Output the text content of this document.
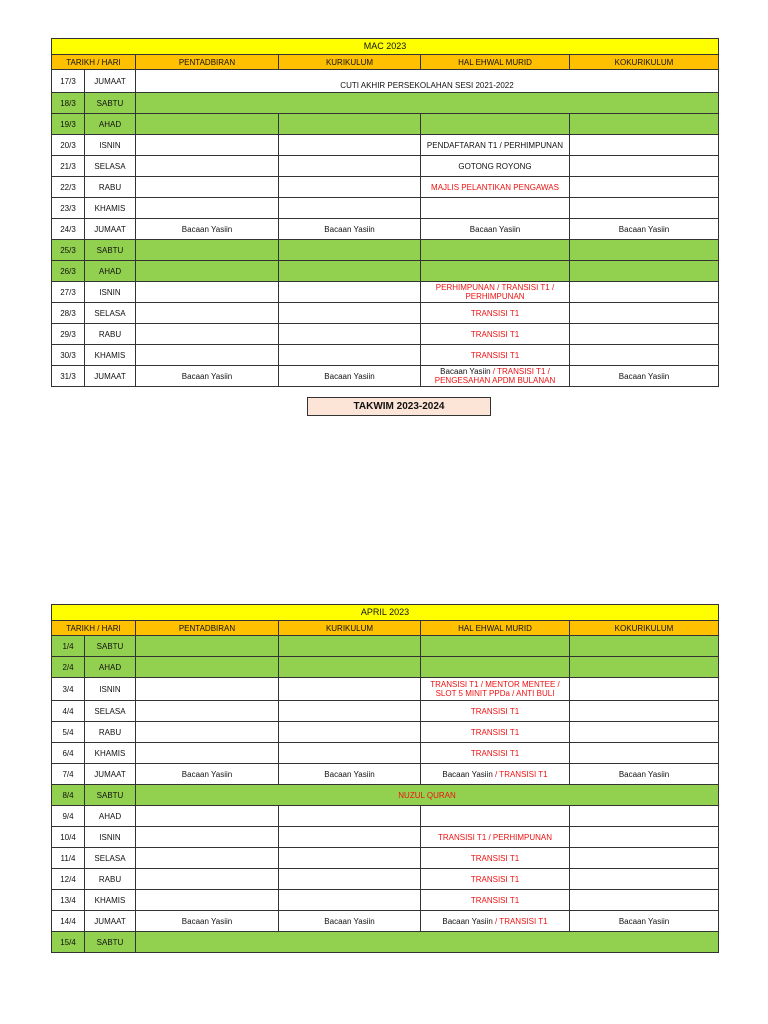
MAC 2023					
TARIKH / HARI		PENTADBIRAN	KURIKULUM	HAL EHWAL MURID	KOKURIKULUM
17/3	JUMAAT	CUTI AKHIR PERSEKOLAHAN SESI 2021-2022			
18/3	SABTU				
19/3	AHAD				
20/3	ISNIN			PENDAFTARAN T1 / PERHIMPUNAN	
21/3	SELASA			GOTONG ROYONG	
22/3	RABU			MAJLIS PELANTIKAN PENGAWAS	
23/3	KHAMIS				
24/3	JUMAAT	Bacaan Yasiin	Bacaan Yasiin	Bacaan Yasiin	Bacaan Yasiin
25/3	SABTU				
26/3	AHAD				
27/3	ISNIN			PERHIMPUNAN / TRANSISI T1 /
PERHIMPUNAN	

28/3	SELASA			TRANSISI T1	
29/3	RABU			TRANSISI T1	
30/3	KHAMIS			TRANSISI T1	
31/3	JUMAAT	Bacaan Yasiin	Bacaan Yasiin	Bacaan Yasiin / TRANSISI T1 /
PENGESAHAN APDM BULANAN	Bacaan Yasiin
TAKWIM 2023-2024
APRIL 2023					
TARIKH / HARI		PENTADBIRAN	KURIKULUM	HAL EHWAL MURID	KOKURIKULUM
1/4	SABTU				
2/4	AHAD				
3/4	ISNIN			TRANSISI T1 / MENTOR MENTEE /
SLOT 5 MINIT PPDa / ANTI BULI	

4/4	SELASA			TRANSISI T1	
5/4	RABU			TRANSISI T1	
6/4	KHAMIS			TRANSISI T1	
7/4	JUMAAT	Bacaan Yasiin	Bacaan Yasiin	Bacaan Yasiin / TRANSISI T1	Bacaan Yasiin
8/4	SABTU	NUZUL QURAN			
9/4	AHAD				
10/4	ISNIN			TRANSISI T1 / PERHIMPUNAN	
11/4	SELASA			TRANSISI T1	
12/4	RABU			TRANSISI T1	
13/4	KHAMIS			TRANSISI T1	
14/4	JUMAAT	Bacaan Yasiin	Bacaan Yasiin	Bacaan Yasiin / TRANSISI T1	Bacaan Yasiin
15/4	SABTU				
